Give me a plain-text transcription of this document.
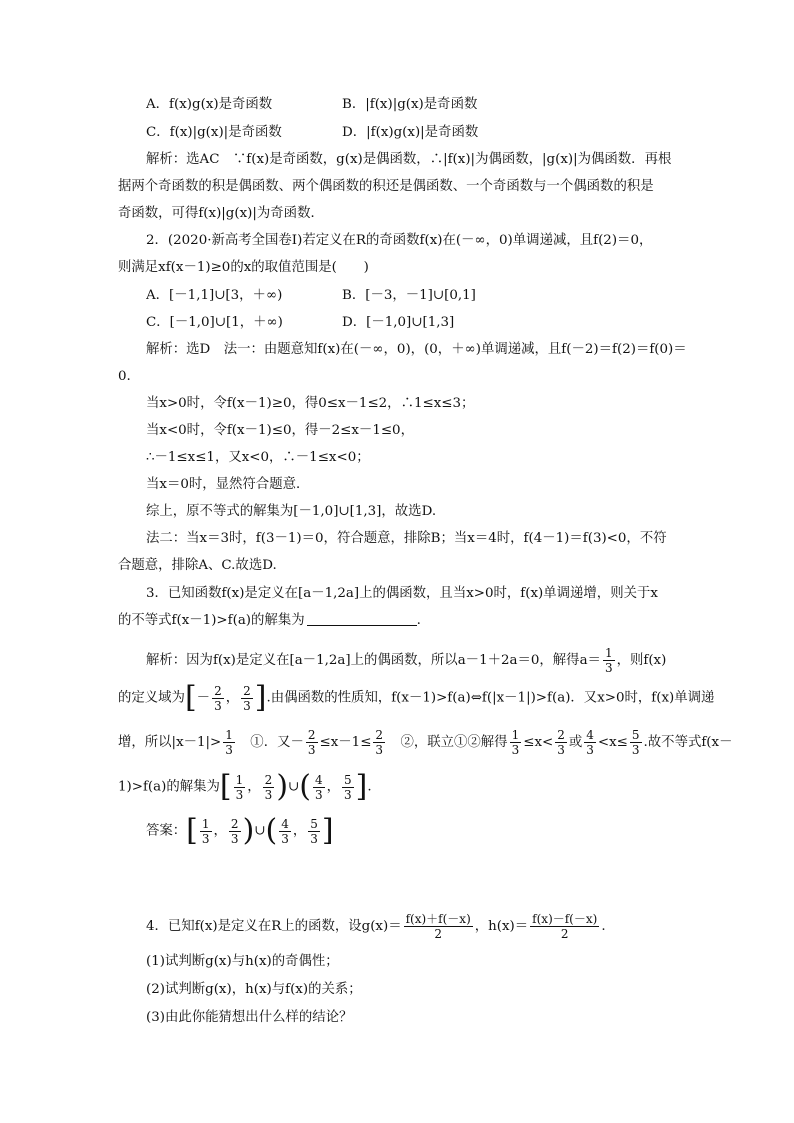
A．f(x)g(x)是奇函数	B．|f(x)|g(x)是奇函数
C．f(x)|g(x)|是奇函数	D．|f(x)g(x)|是奇函数
解析：选AC　∵f(x)是奇函数，g(x)是偶函数，∴|f(x)|为偶函数，|g(x)|为偶函数．再根
据两个奇函数的积是偶函数、两个偶函数的积还是偶函数、一个奇函数与一个偶函数的积是
奇函数，可得f(x)|g(x)|为奇函数．
2．(2020·新高考全国卷Ⅰ)若定义在R的奇函数f(x)在(－∞，0)单调递减，且f(2)＝0，
则满足xf(x－1)≥0的x的取值范围是(　　)
A．[－1,1]∪[3，＋∞)	B．[－3，－1]∪[0,1]
C．[－1,0]∪[1，＋∞)	D．[－1,0]∪[1,3]
解析：选D　法一：由题意知f(x)在(－∞，0)，(0，＋∞)单调递减，且f(－2)＝f(2)＝f(0)＝
0.
当x>0时，令f(x－1)≥0，得0≤x－1≤2，∴1≤x≤3；
当x<0时，令f(x－1)≤0，得－2≤x－1≤0，
∴－1≤x≤1，又x<0，∴－1≤x<0；
当x＝0时，显然符合题意．
综上，原不等式的解集为[－1,0]∪[1,3]，故选D.
法二：当x＝3时，f(3－1)＝0，符合题意，排除B；当x＝4时，f(4－1)＝f(3)<0，不符
合题意，排除A、C.故选D.
3．已知函数f(x)是定义在[a－1,2a]上的偶函数，且当x>0时，f(x)单调递增，则关于x
的不等式f(x－1)>f(a)的解集为	.
解析：因为f(x)是定义在[a－1,2a]上的偶函数，所以a－1＋2a＝0，解得$a= \frac{1}{3}$ ，则f(x)
的定义域为[－ $\frac{2}{3}$ ， $\frac{2}{3}$ ].由偶函数的性质知，f(x－1)>f(a)⇔f(|x－1|)>f(a)．又x>0时，f(x)单调递
增，所以$|x-1|> \frac{1}{3}$ 　①．又－ $\frac{2}{3} \le x-1\le \frac{2}{3}$ 　②，联立①②解得 $\frac{1}{3} \le x< \frac{2}{3}$ 或 $\frac{4}{3} <x\le \frac{5}{3}$ .故不等式f(x－
1)>f(a)的解集为[ $\frac{1}{3}$ ， $\frac{2}{3}$ )∪( $\frac{4}{3}$ ， $\frac{5}{3}$ ].
答案：[ $\frac{1}{3}$ ， $\frac{2}{3}$ )∪( $\frac{4}{3}$ ， $\frac{5}{3}$ ]
4．已知f(x)是定义在R上的函数，设$g(x)= \frac{f(x)+f(-x)}{2}$ ，$h(x)= \frac{f(x)-f(-x)}{2}$ .
(1)试判断g(x)与h(x)的奇偶性；
(2)试判断g(x)，h(x)与f(x)的关系；
(3)由此你能猜想出什么样的结论？
